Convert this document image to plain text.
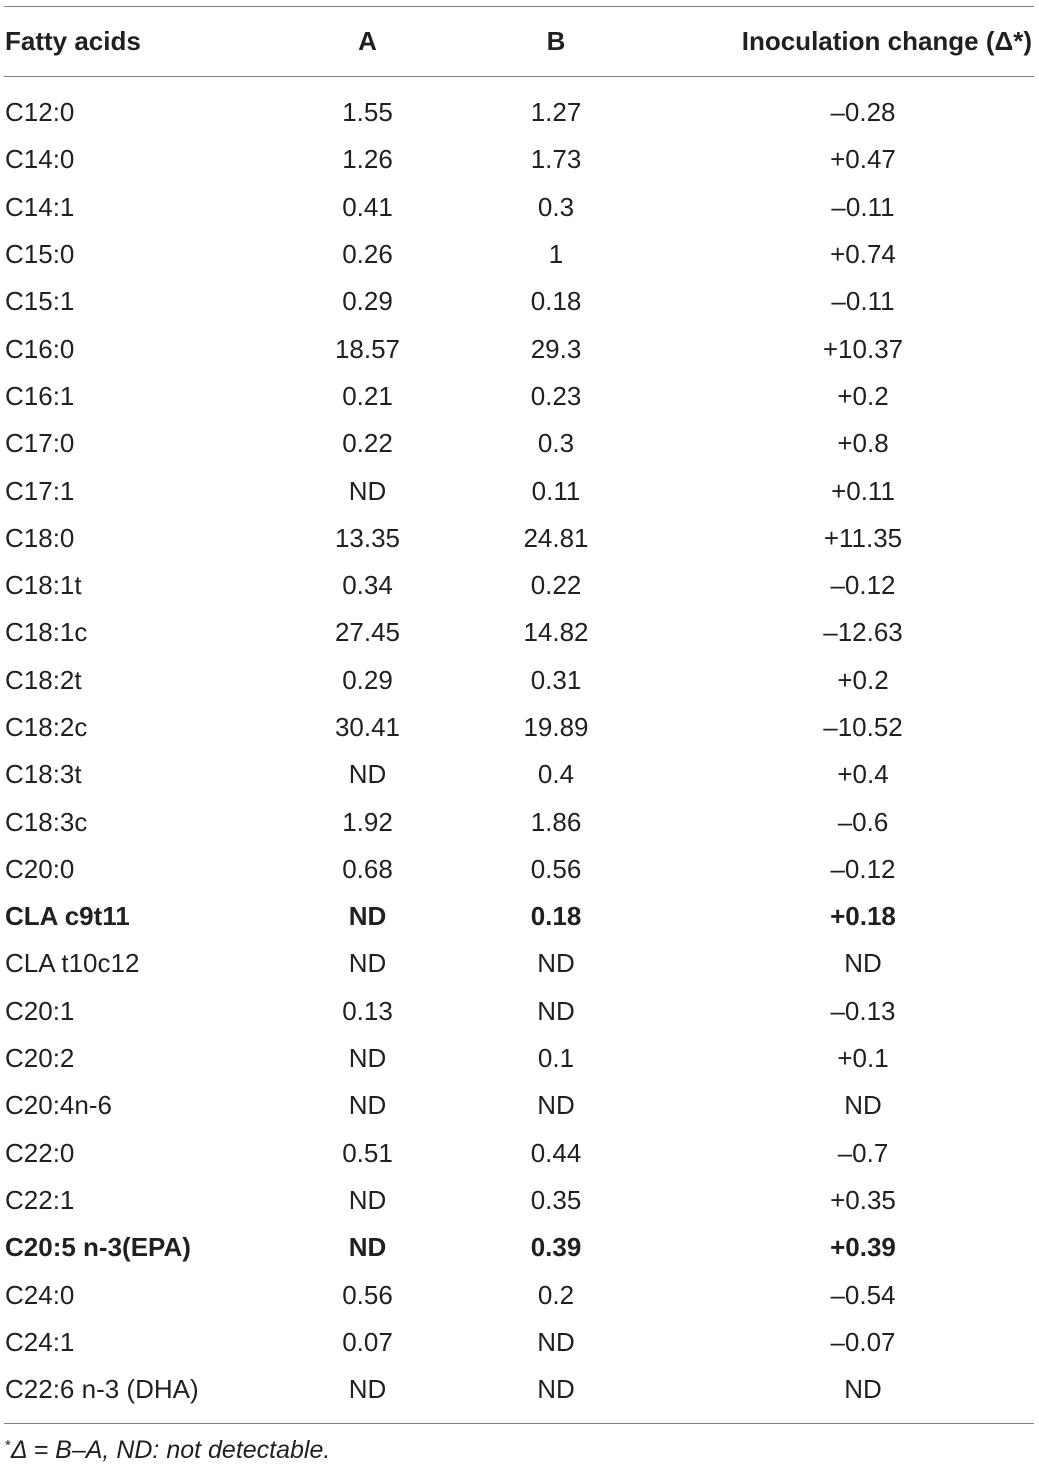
Fatty acids	A	B	Inoculation change (Δ*)
C12:0	1.55	1.27	–0.28
C14:0	1.26	1.73	+0.47
C14:1	0.41	0.3	–0.11
C15:0	0.26	1	+0.74
C15:1	0.29	0.18	–0.11
C16:0	18.57	29.3	+10.37
C16:1	0.21	0.23	+0.2
C17:0	0.22	0.3	+0.8
C17:1	ND	0.11	+0.11
C18:0	13.35	24.81	+11.35
C18:1t	0.34	0.22	–0.12
C18:1c	27.45	14.82	–12.63
C18:2t	0.29	0.31	+0.2
C18:2c	30.41	19.89	–10.52
C18:3t	ND	0.4	+0.4
C18:3c	1.92	1.86	–0.6
C20:0	0.68	0.56	–0.12
CLA c9t11	ND	0.18	+0.18
CLA t10c12	ND	ND	ND
C20:1	0.13	ND	–0.13
C20:2	ND	0.1	+0.1
C20:4n-6	ND	ND	ND
C22:0	0.51	0.44	–0.7
C22:1	ND	0.35	+0.35
C20:5 n-3(EPA)	ND	0.39	+0.39
C24:0	0.56	0.2	–0.54
C24:1	0.07	ND	–0.07
C22:6 n-3 (DHA)	ND	ND	ND
*Δ = B–A, ND: not detectable.
